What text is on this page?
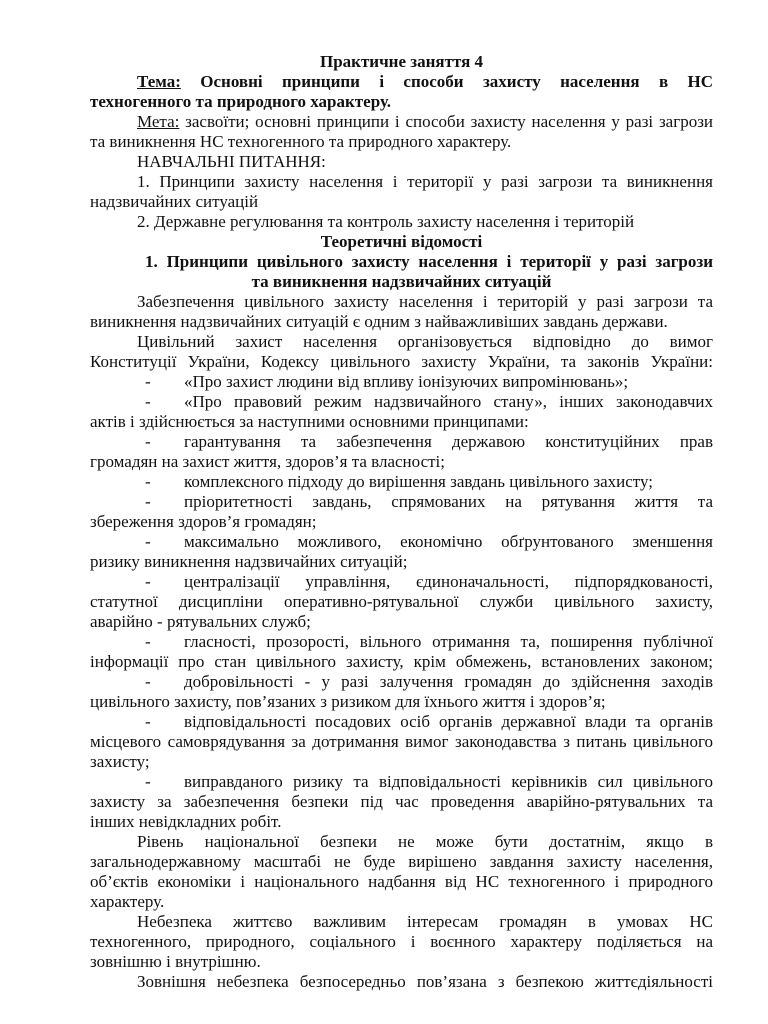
Практичне заняття 4
Тема: Основні принципи і способи захисту населення в НС
техногенного та природного характеру.
Мета: засвоїти; основні принципи і способи захисту населення у разі загрози
та виникнення НС техногенного та природного характеру.
НАВЧАЛЬНІ ПИТАННЯ:
1. Принципи захисту населення і території у разі загрози та виникнення
надзвичайних ситуацій
2. Державне регулювання та контроль захисту населення і територій
Теоретичні відомості
1. Принципи цивільного захисту населення і території у разі загрози
та виникнення надзвичайних ситуацій
Забезпечення цивільного захисту населення і територій у разі загрози та
виникнення надзвичайних ситуацій є одним з найважливіших завдань держави.
Цивільний захист населення організовується відповідно до вимог
Конституції України, Кодексу цивільного захисту України, та законів України:
-	«Про захист людини від впливу іонізуючих випромінювань»;
-	«Про правовий режим надзвичайного стану», інших законодавчих
актів і здійснюється за наступними основними принципами:
-	гарантування та забезпечення державою конституційних прав
громадян на захист життя, здоров’я та власності;
-	комплексного підходу до вирішення завдань цивільного захисту;
-	пріоритетності завдань, спрямованих на рятування життя та
збереження здоров’я громадян;
-	максимально можливого, економічно обґрунтованого зменшення
ризику виникнення надзвичайних ситуацій;
-	централізації управління, єдиноначальності, підпорядкованості,
статутної дисципліни оперативно-рятувальної служби цивільного захисту,
аварійно - рятувальних служб;
-	гласності, прозорості, вільного отримання та, поширення публічної
інформації про стан цивільного захисту, крім обмежень, встановлених законом;
-	добровільності - у разі залучення громадян до здійснення заходів
цивільного захисту, пов’язаних з ризиком для їхнього життя і здоров’я;
-	відповідальності посадових осіб органів державної влади та органів
місцевого самоврядування за дотримання вимог законодавства з питань цивільного
захисту;
-	виправданого ризику та відповідальності керівників сил цивільного
захисту за забезпечення безпеки під час проведення аварійно-рятувальних та
інших невідкладних робіт.
Рівень національної безпеки не може бути достатнім, якщо в
загальнодержавному масштабі не буде вирішено завдання захисту населення,
об’єктів економіки і національного надбання від НС техногенного і природного
характеру.
Небезпека життєво важливим інтересам громадян в умовах НС
техногенного, природного, соціального і воєнного характеру поділяється на
зовнішню і внутрішню.
Зовнішня небезпека безпосередньо пов’язана з безпекою життєдіяльності
